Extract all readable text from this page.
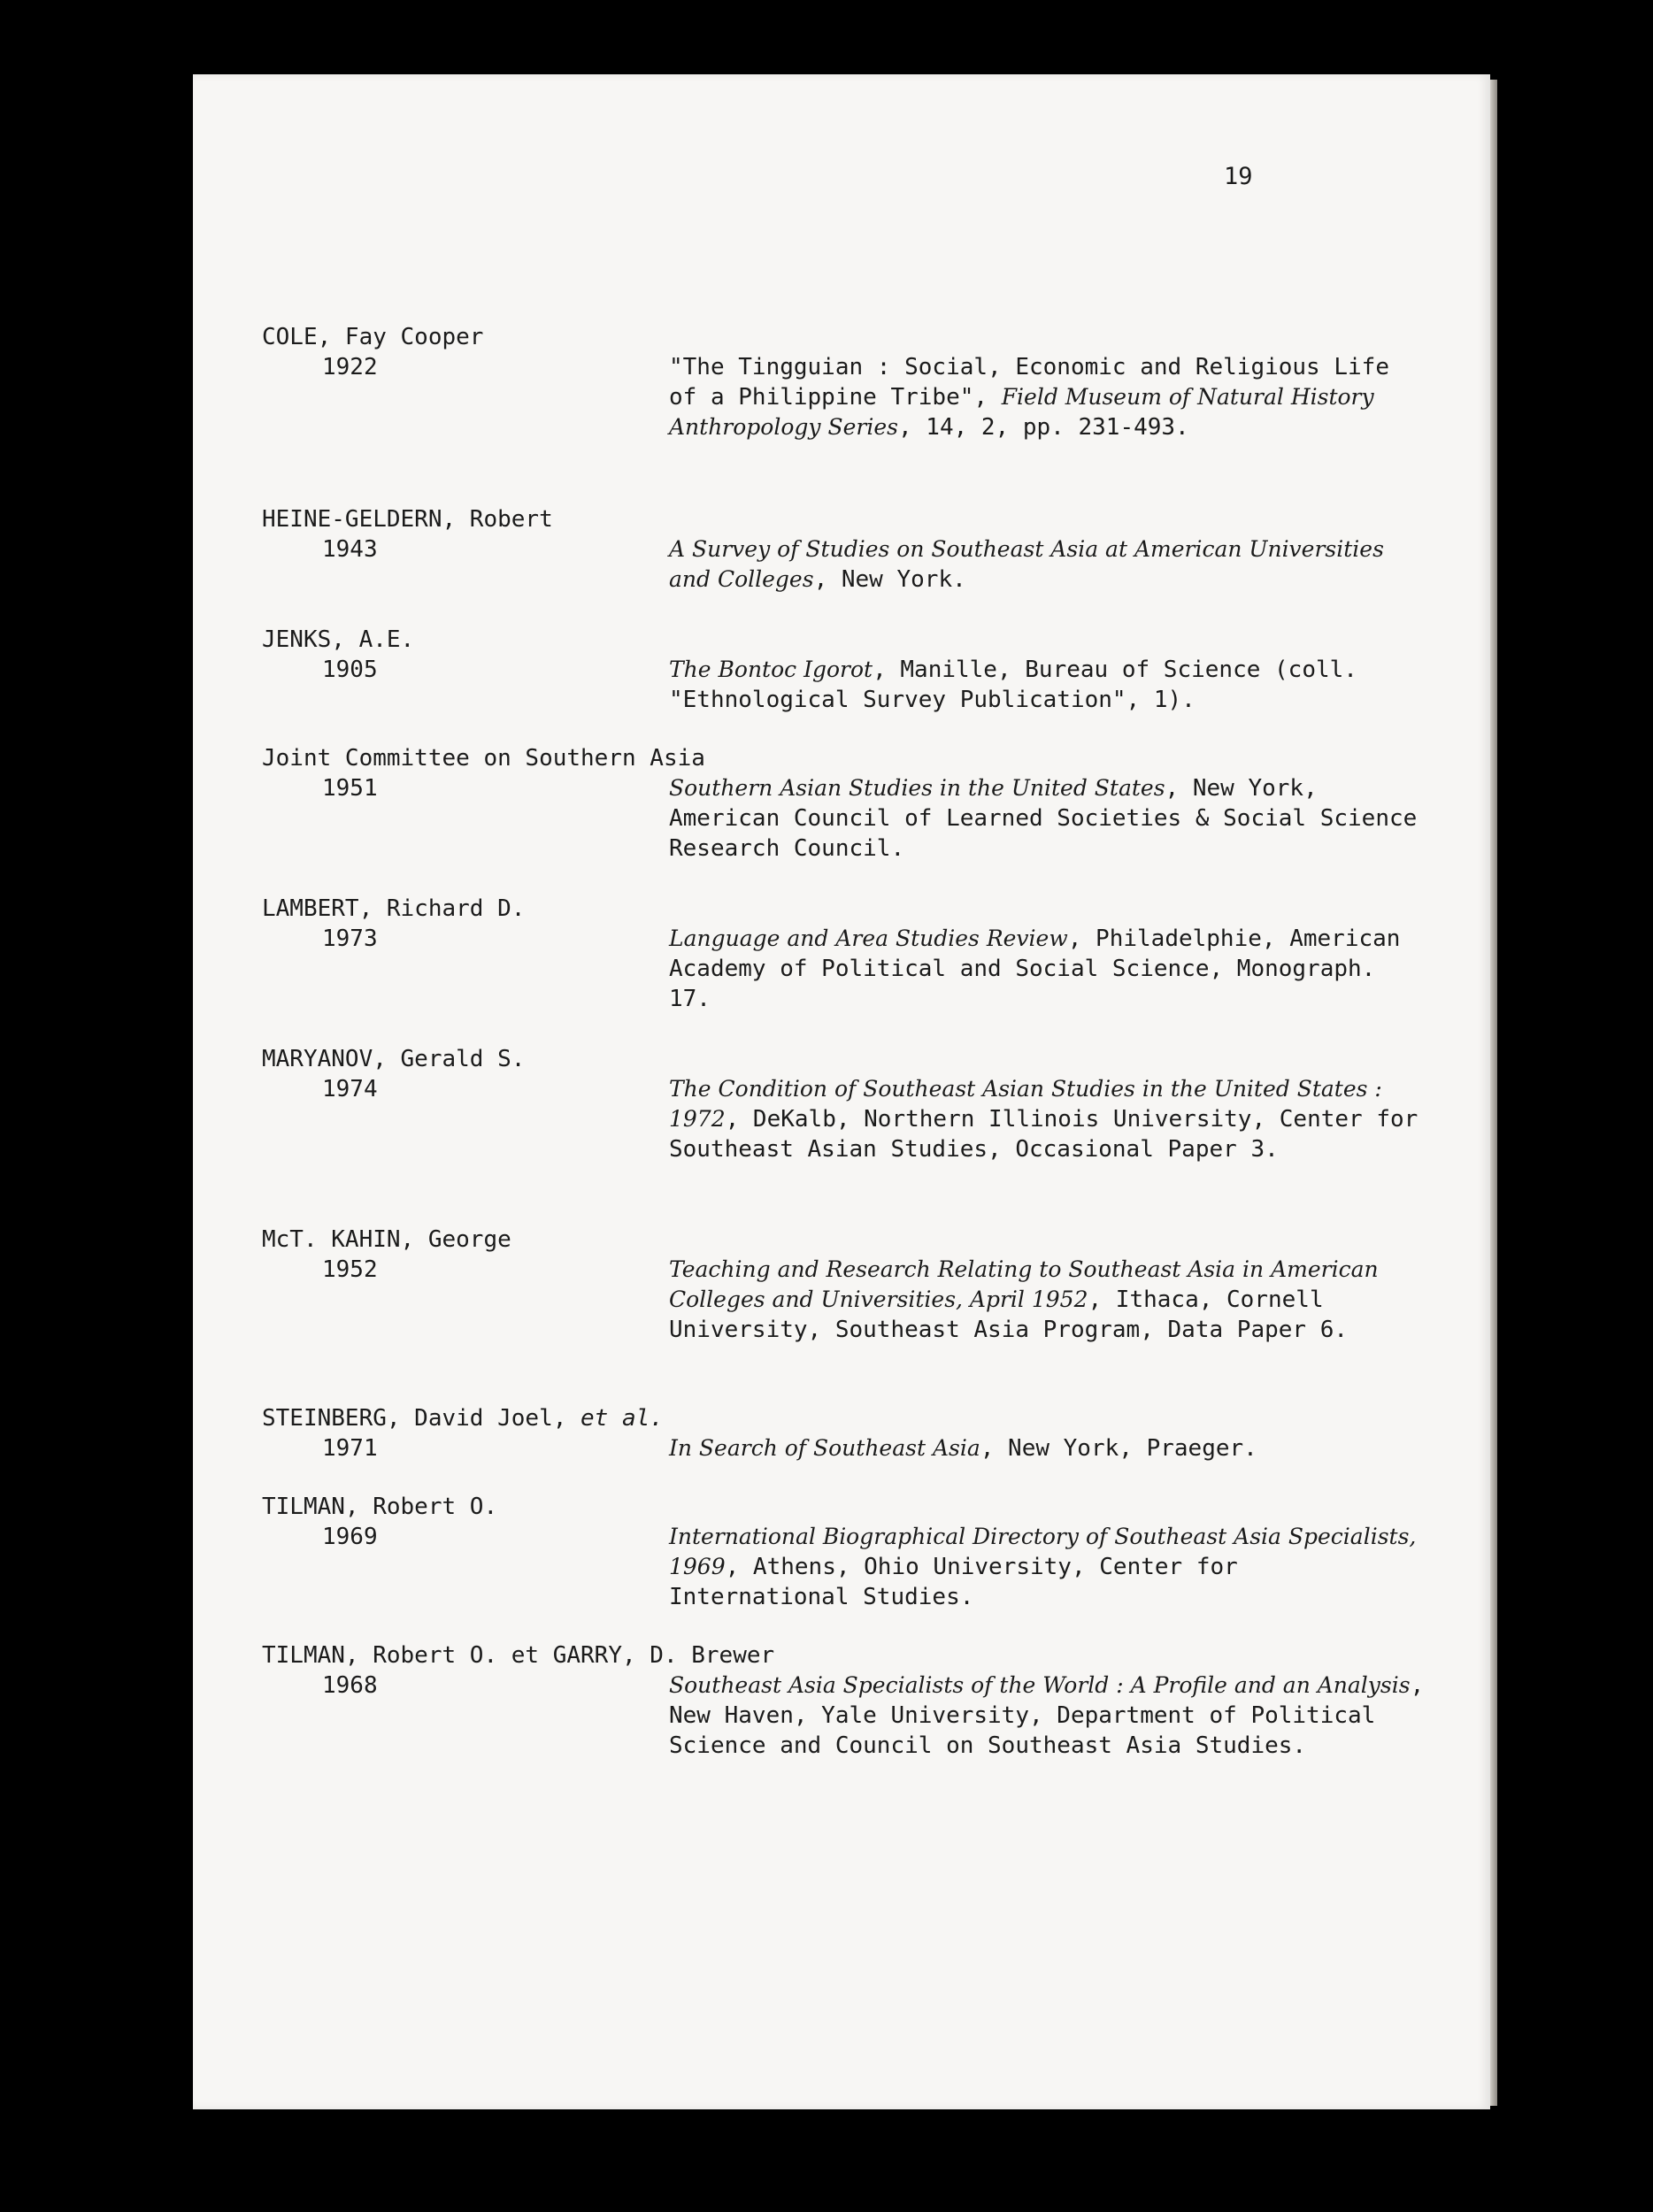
19
COLE, Fay Cooper
1922	"The Tingguian : Social, Economic and Religious Life of a Philippine Tribe", Field Museum of Natural History Anthropology Series, 14, 2, pp. 231-493.
HEINE-GELDERN, Robert
1943	A Survey of Studies on Southeast Asia at American Universities and Colleges, New York.
JENKS, A.E.
1905	The Bontoc Igorot, Manille, Bureau of Science (coll. "Ethnological Survey Publication", 1).
Joint Committee on Southern Asia
1951	Southern Asian Studies in the United States, New York, American Council of Learned Societies & Social Science Research Council.
LAMBERT, Richard D.
1973	Language and Area Studies Review, Philadelphie, American Academy of Political and Social Science, Monograph. 17.
MARYANOV, Gerald S.
1974	The Condition of Southeast Asian Studies in the United States : 1972, DeKalb, Northern Illinois University, Center for Southeast Asian Studies, Occasional Paper 3.
McT. KAHIN, George
1952	Teaching and Research Relating to Southeast Asia in American Colleges and Universities, April 1952, Ithaca, Cornell University, Southeast Asia Program, Data Paper 6.
STEINBERG, David Joel, et al.
1971	In Search of Southeast Asia, New York, Praeger.
TILMAN, Robert O.
1969	International Biographical Directory of Southeast Asia Specialists, 1969, Athens, Ohio University, Center for International Studies.
TILMAN, Robert O. et GARRY, D. Brewer
1968	Southeast Asia Specialists of the World : A Profile and an Analysis, New Haven, Yale University, Department of Political Science and Council on Southeast Asia Studies.
